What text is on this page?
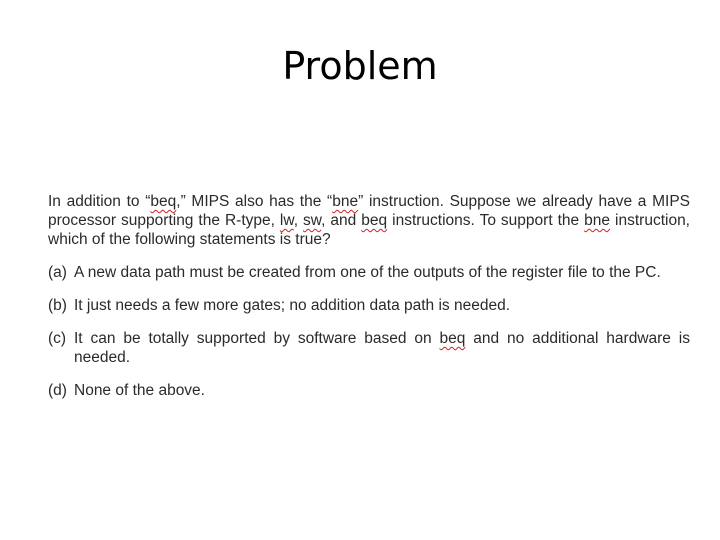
Problem

In addition to “beq,” MIPS also has the “bne” instruction. Suppose we already have a MIPS processor supporting the R-type, lw, sw, and beq instructions. To support the bne instruction, which of the following statements is true?

(a) A new data path must be created from one of the outputs of the register file to the PC.
(b) It just needs a few more gates; no addition data path is needed.
(c) It can be totally supported by software based on beq and no additional hardware is needed.
(d) None of the above.
